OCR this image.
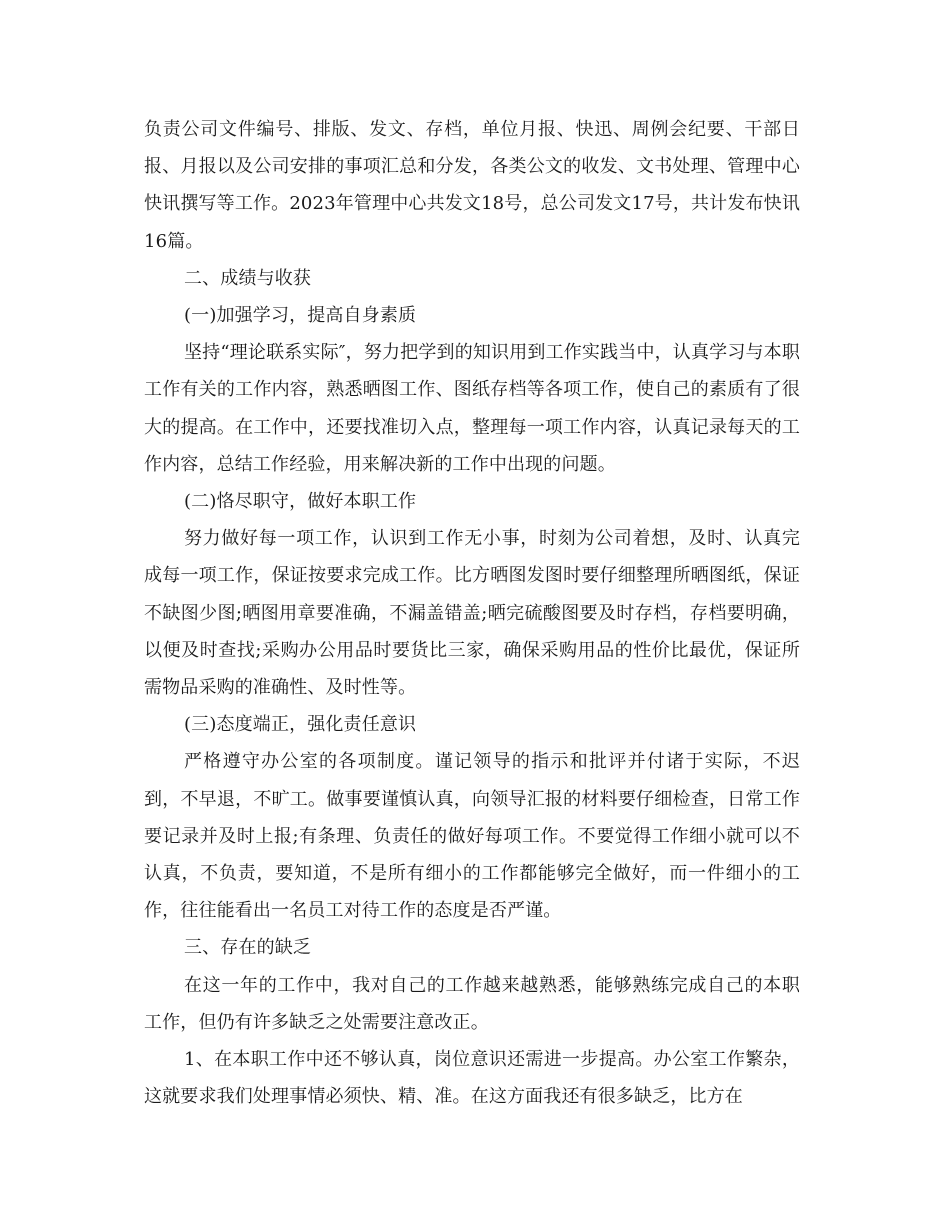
负责公司文件编号、排版、发文、存档，单位月报、快迅、周例会纪要、干部日报、月报以及公司安排的事项汇总和分发，各类公文的收发、文书处理、管理中心快讯撰写等工作。2023年管理中心共发文18号，总公司发文17号，共计发布快讯16篇。

二、成绩与收获

(一)加强学习，提高自身素质

坚持“理论联系实际″，努力把学到的知识用到工作实践当中，认真学习与本职工作有关的工作内容，熟悉晒图工作、图纸存档等各项工作，使自己的素质有了很大的提高。在工作中，还要找准切入点，整理每一项工作内容，认真记录每天的工作内容，总结工作经验，用来解决新的工作中出现的问题。

(二)恪尽职守，做好本职工作

努力做好每一项工作，认识到工作无小事，时刻为公司着想，及时、认真完成每一项工作，保证按要求完成工作。比方晒图发图时要仔细整理所晒图纸，保证不缺图少图;晒图用章要准确，不漏盖错盖;晒完硫酸图要及时存档，存档要明确，以便及时查找;采购办公用品时要货比三家，确保采购用品的性价比最优，保证所需物品采购的准确性、及时性等。

(三)态度端正，强化责任意识

严格遵守办公室的各项制度。谨记领导的指示和批评并付诸于实际，不迟到，不早退，不旷工。做事要谨慎认真，向领导汇报的材料要仔细检查，日常工作要记录并及时上报;有条理、负责任的做好每项工作。不要觉得工作细小就可以不认真，不负责，要知道，不是所有细小的工作都能够完全做好，而一件细小的工作，往往能看出一名员工对待工作的态度是否严谨。

三、存在的缺乏

在这一年的工作中，我对自己的工作越来越熟悉，能够熟练完成自己的本职工作，但仍有许多缺乏之处需要注意改正。

1、在本职工作中还不够认真，岗位意识还需进一步提高。办公室工作繁杂，这就要求我们处理事情必须快、精、准。在这方面我还有很多缺乏，比方在
